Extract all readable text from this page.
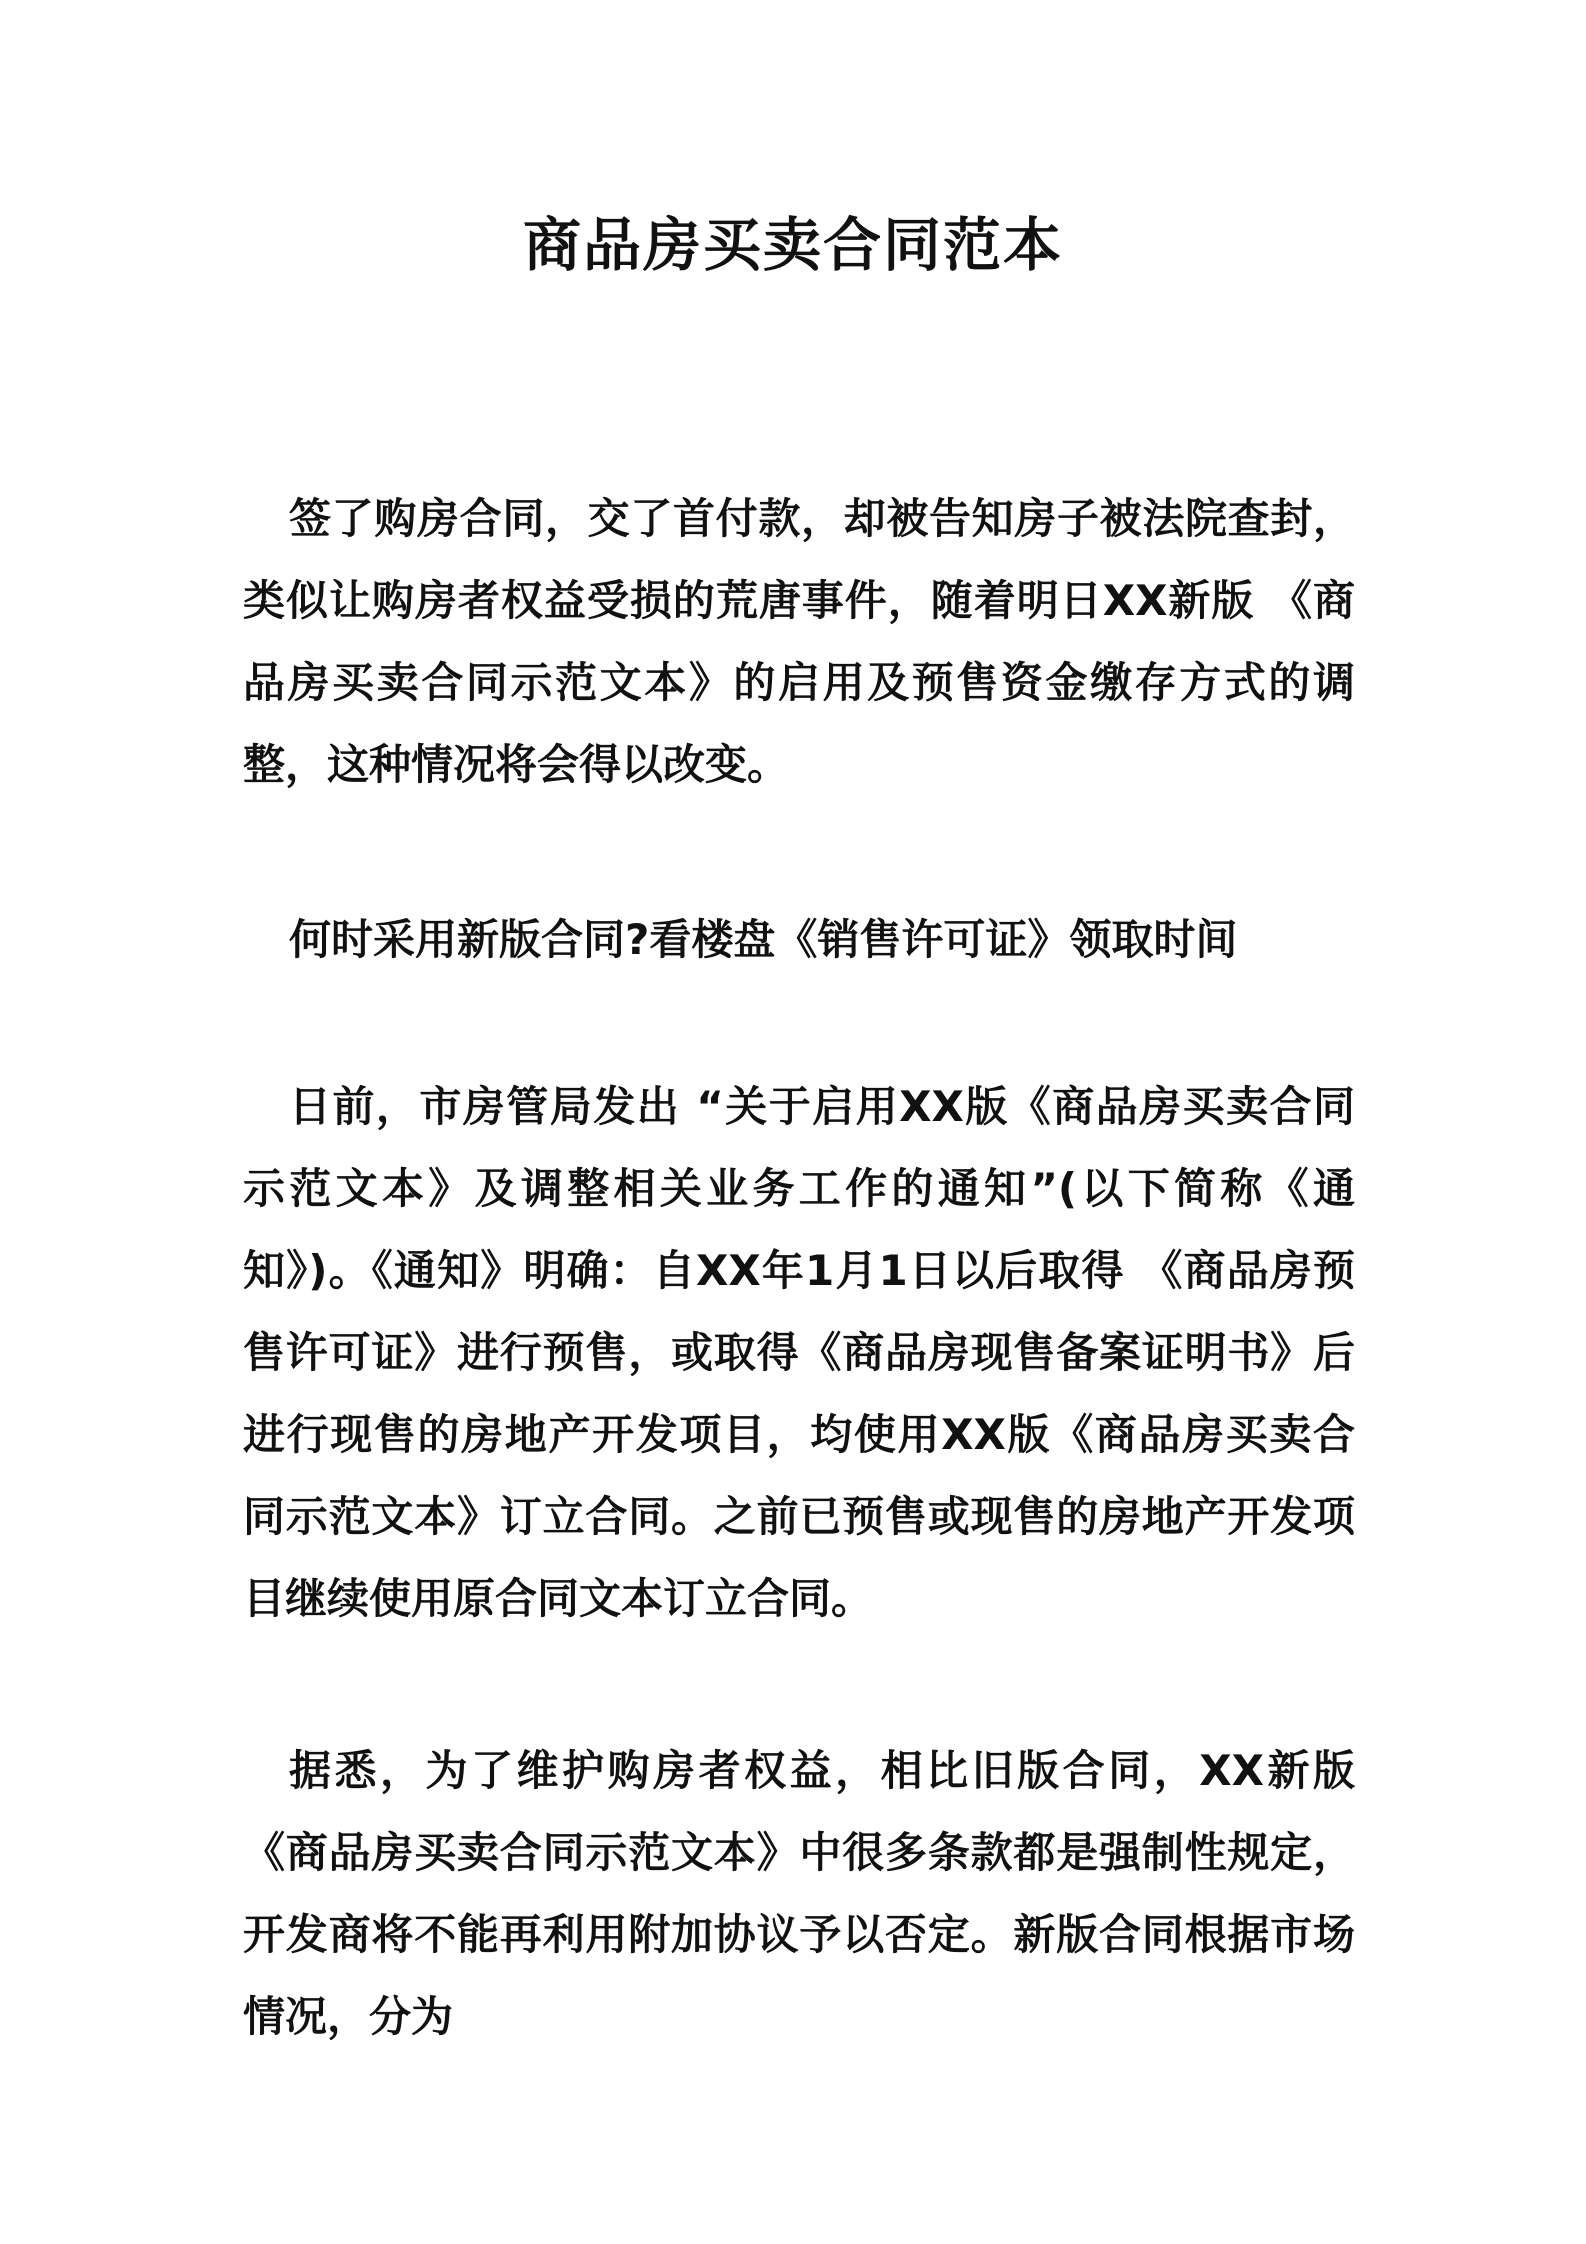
商品房买卖合同范本

签了购房合同，交了首付款，却被告知房子被法院查封，类似让购房者权益受损的荒唐事件，随着明日XX新版 《商品房买卖合同示范文本》的启用及预售资金缴存方式的调整，这种情况将会得以改变。

何时采用新版合同?看楼盘《销售许可证》领取时间

日前，市房管局发出 “关于启用XX版《商品房买卖合同示范文本》及调整相关业务工作的通知”(以下简称《通知》)。《通知》明确：自XX年1月1日以后取得 《商品房预售许可证》进行预售，或取得《商品房现售备案证明书》后进行现售的房地产开发项目，均使用XX版《商品房买卖合同示范文本》订立合同。之前已预售或现售的房地产开发项目继续使用原合同文本订立合同。

据悉，为了维护购房者权益，相比旧版合同，XX新版《商品房买卖合同示范文本》中很多条款都是强制性规定，开发商将不能再利用附加协议予以否定。新版合同根据市场情况，分为
